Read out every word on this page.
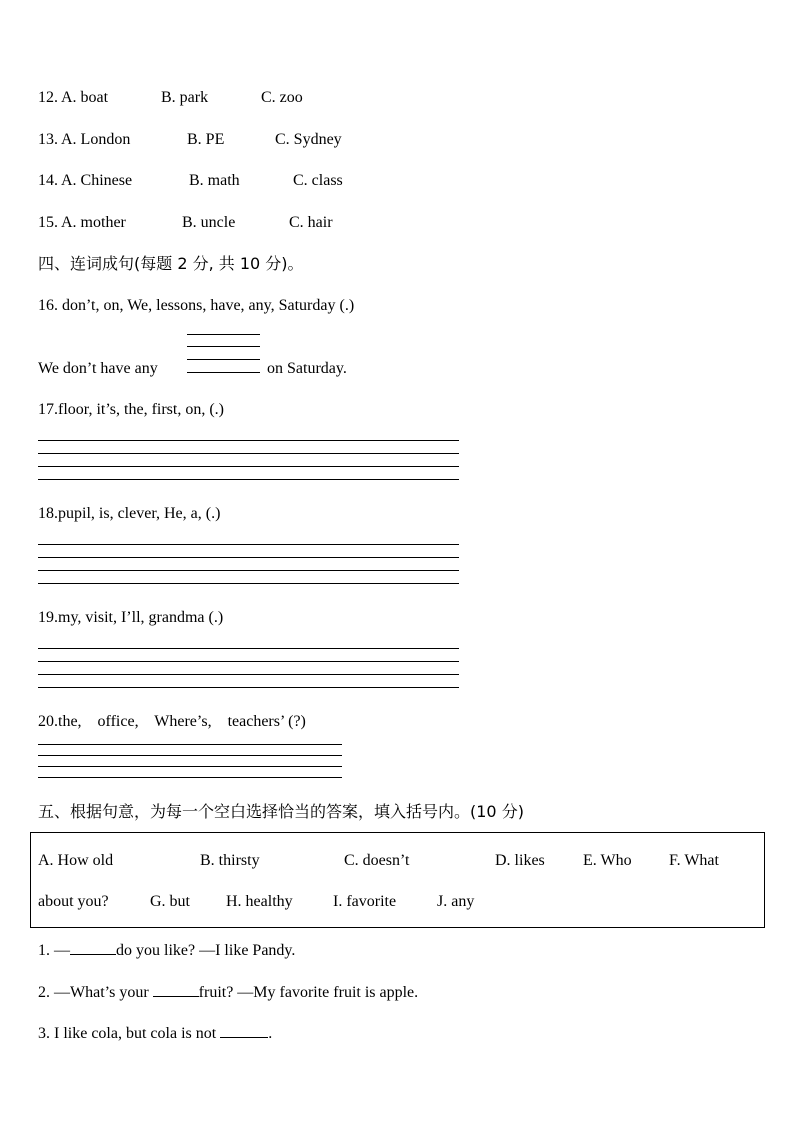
12. A. boat	B. park	C. zoo
13. A. London	B. PE	C. Sydney
14. A. Chinese	B. math	C. class
15. A. mother	B. uncle	C. hair
四、连词成句(每题 2 分, 共 10 分)。
16. don’t, on, We, lessons, have, any, Saturday (.)
We don’t have any	on Saturday.
17.floor, it’s, the, first, on, (.)
18.pupil, is, clever, He, a, (.)
19.my, visit, I’ll, grandma (.)
20.the,    office,    Where’s,    teachers’ (?)
五、根据句意，为每一个空白选择恰当的答案，填入括号内。(10 分)
A. How old	B. thirsty	C. doesn’t	D. likes E. Who F. What
about you?	G. but H. healthy	I. favorite	J. any
1. —	do you like? —I like Pandy.
2. —What’s your	fruit? —My favorite fruit is apple.
3. I like cola, but cola is not	.
